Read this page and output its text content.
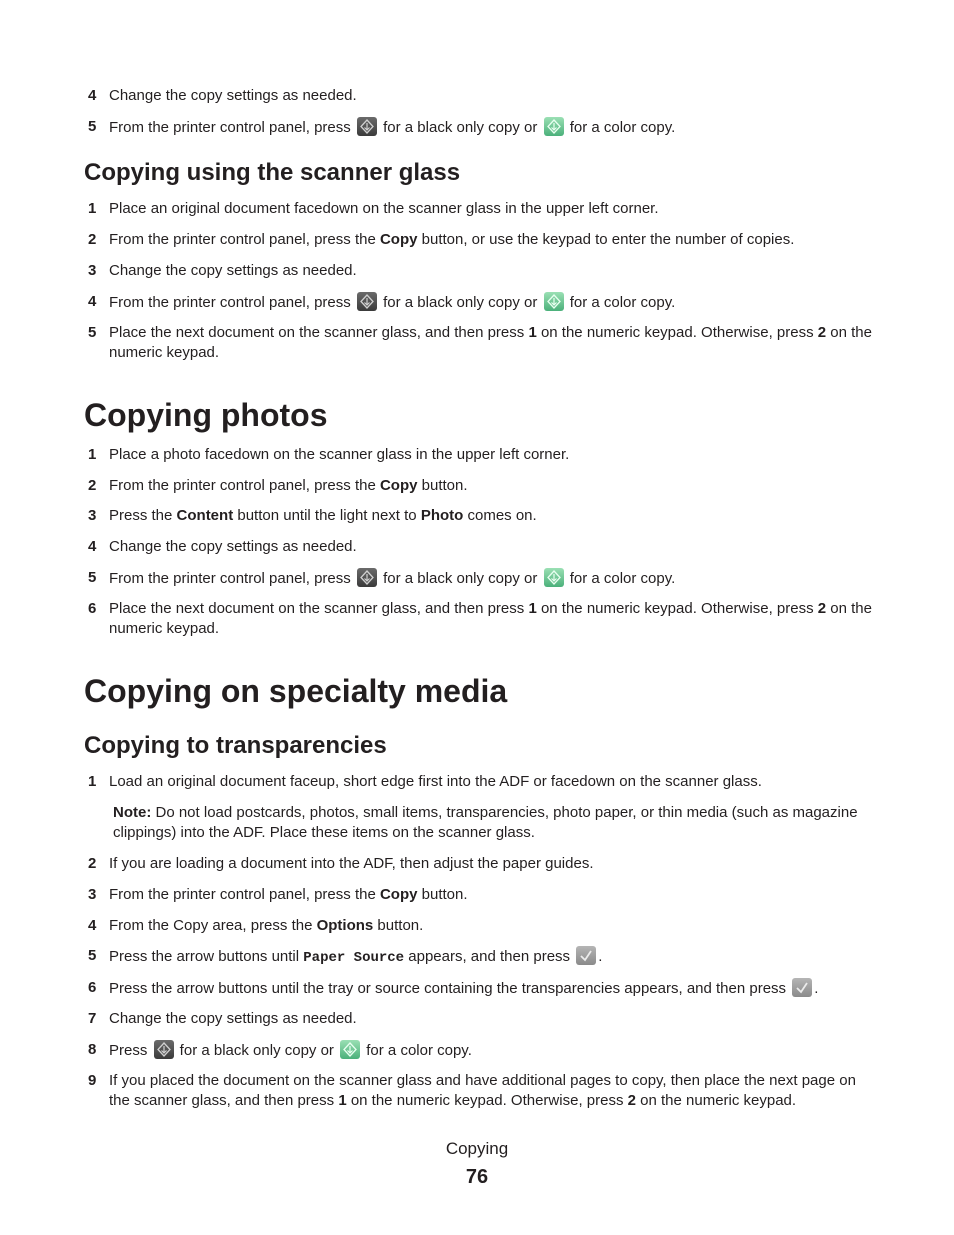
4 Change the copy settings as needed.
5 From the printer control panel, press
for a black only copy or
for a color copy.
Copying using the scanner glass
1 Place an original document facedown on the scanner glass in the upper left corner.
2 From the printer control panel, press the Copy button, or use the keypad to enter the number of copies.
3 Change the copy settings as needed.
4 From the printer control panel, press
for a black only copy or
for a color copy.
5 Place the next document on the scanner glass, and then press 1 on the numeric keypad. Otherwise, press 2 on the numeric keypad.
Copying photos
1 Place a photo facedown on the scanner glass in the upper left corner.
2 From the printer control panel, press the Copy button.
3 Press the Content button until the light next to Photo comes on.
4 Change the copy settings as needed.
5 From the printer control panel, press
for a black only copy or
for a color copy.
6 Place the next document on the scanner glass, and then press 1 on the numeric keypad. Otherwise, press 2 on the numeric keypad.
Copying on specialty media
Copying to transparencies
1 Load an original document faceup, short edge first into the ADF or facedown on the scanner glass.
Note: Do not load postcards, photos, small items, transparencies, photo paper, or thin media (such as magazine clippings) into the ADF. Place these items on the scanner glass.
2 If you are loading a document into the ADF, then adjust the paper guides.
3 From the printer control panel, press the Copy button.
4 From the Copy area, press the Options button.
5 Press the arrow buttons until Paper Source appears, and then press
.
6 Press the arrow buttons until the tray or source containing the transparencies appears, and then press
.
7 Change the copy settings as needed.
8 Press
for a black only copy or
for a color copy.
9 If you placed the document on the scanner glass and have additional pages to copy, then place the next page on the scanner glass, and then press 1 on the numeric keypad. Otherwise, press 2 on the numeric keypad.
Copying
76
